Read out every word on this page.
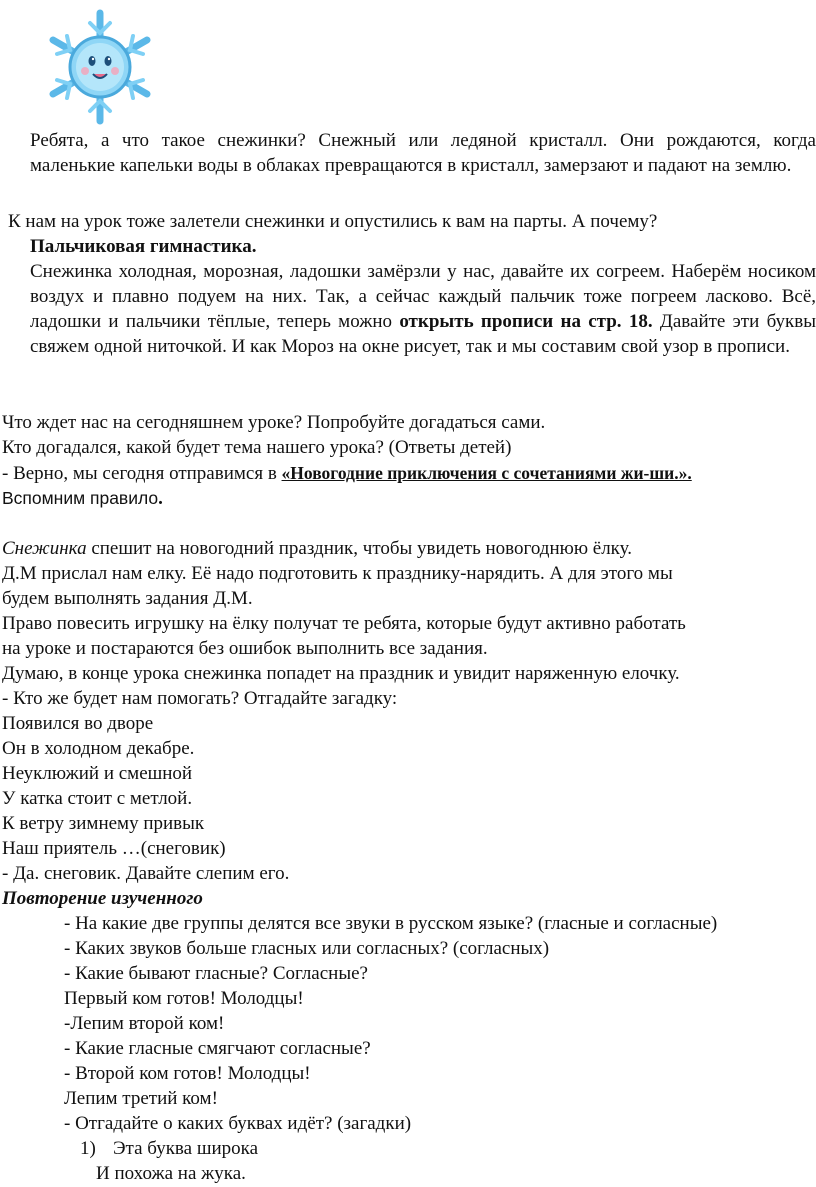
Ребята, а что такое снежинки? Снежный или ледяной кристалл. Они рождаются, когда маленькие капельки воды в облаках превращаются в кристалл, замерзают и падают на землю.

К нам на урок тоже залетели снежинки и опустились к вам на парты. А почему?
Пальчиковая гимнастика.

Снежинка холодная, морозная, ладошки замёрзли у нас, давайте их согреем. Наберём носиком воздух и плавно подуем на них. Так, а сейчас каждый пальчик тоже погреем ласково. Всё, ладошки и пальчики тёплые, теперь можно открыть прописи на стр. 18. Давайте эти буквы свяжем одной ниточкой. И как Мороз на окне рисует, так и мы составим свой узор в прописи.

Что ждет нас на сегодняшнем уроке? Попробуйте догадаться сами.
Кто догадался, какой будет тема нашего урока? (Ответы детей)
- Верно, мы сегодня отправимся в «Новогодние приключения с сочетаниями жи-ши.».
Вспомним правило.
Снежинка спешит на новогодний праздник, чтобы увидеть новогоднюю ёлку.
Д.М прислал нам елку. Её надо подготовить к празднику-нарядить. А для этого мы
будем выполнять задания Д.М.
Право повесить игрушку на ёлку получат те ребята, которые будут активно работать
на уроке и постараются без ошибок выполнить все задания.
Думаю, в конце урока снежинка попадет на праздник и увидит наряженную елочку.
- Кто же будет нам помогать? Отгадайте загадку:
Появился во дворе
Он в холодном декабре.
Неуклюжий и смешной
У катка стоит с метлой.
К ветру зимнему привык
Наш приятель …(снеговик)
- Да. снеговик. Давайте слепим его.
Повторение изученного
- На какие две группы делятся все звуки в русском языке? (гласные и согласные)
- Каких звуков больше гласных или согласных? (согласных)
- Какие бывают гласные? Согласные?
Первый ком готов! Молодцы!
-Лепим второй ком!
- Какие гласные смягчают согласные?
- Второй ком готов! Молодцы!
Лепим третий ком!
- Отгадайте о каких буквах идёт? (загадки)
1) Эта буква широка
И похожа на жука.
